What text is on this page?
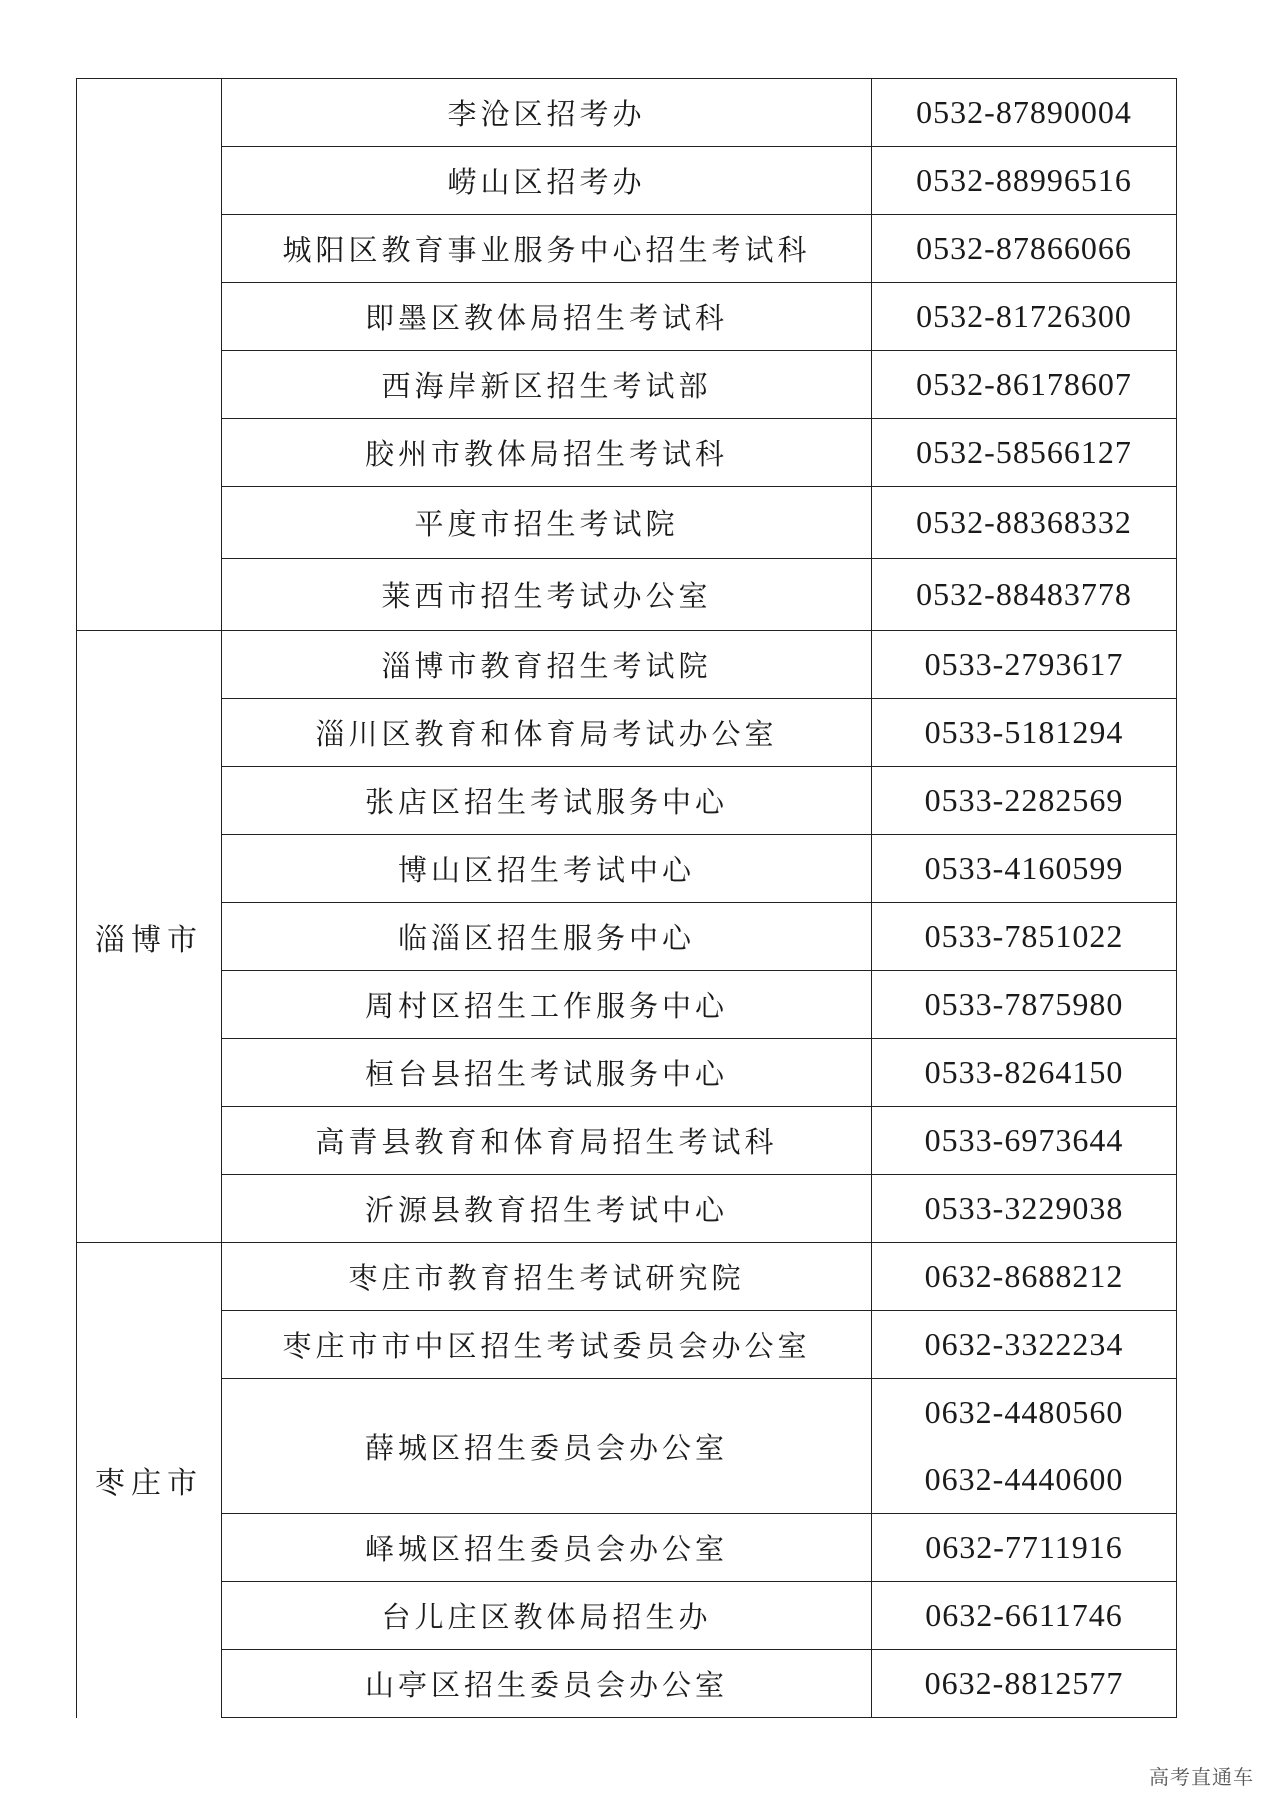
	李沧区招考办	0532-87890004

	崂山区招考办	0532-88996516

	城阳区教育事业服务中心招生考试科	0532-87866066

	即墨区教体局招生考试科	0532-81726300

	西海岸新区招生考试部	0532-86178607

	胶州市教体局招生考试科	0532-58566127

	平度市招生考试院	0532-88368332

	莱西市招生考试办公室	0532-88483778

淄博市	淄博市教育招生考试院	0533-2793617

	淄川区教育和体育局考试办公室	0533-5181294

	张店区招生考试服务中心	0533-2282569

	博山区招生考试中心	0533-4160599

	临淄区招生服务中心	0533-7851022

	周村区招生工作服务中心	0533-7875980

	桓台县招生考试服务中心	0533-8264150

	高青县教育和体育局招生考试科	0533-6973644

	沂源县教育招生考试中心	0533-3229038

枣庄市	枣庄市教育招生考试研究院	0632-8688212

	枣庄市市中区招生考试委员会办公室	0632-3322234

	薛城区招生委员会办公室	0632-4480560
0632-4440600

	峄城区招生委员会办公室	0632-7711916

	台儿庄区教体局招生办	0632-6611746

	山亭区招生委员会办公室	0632-8812577
高考直通车
